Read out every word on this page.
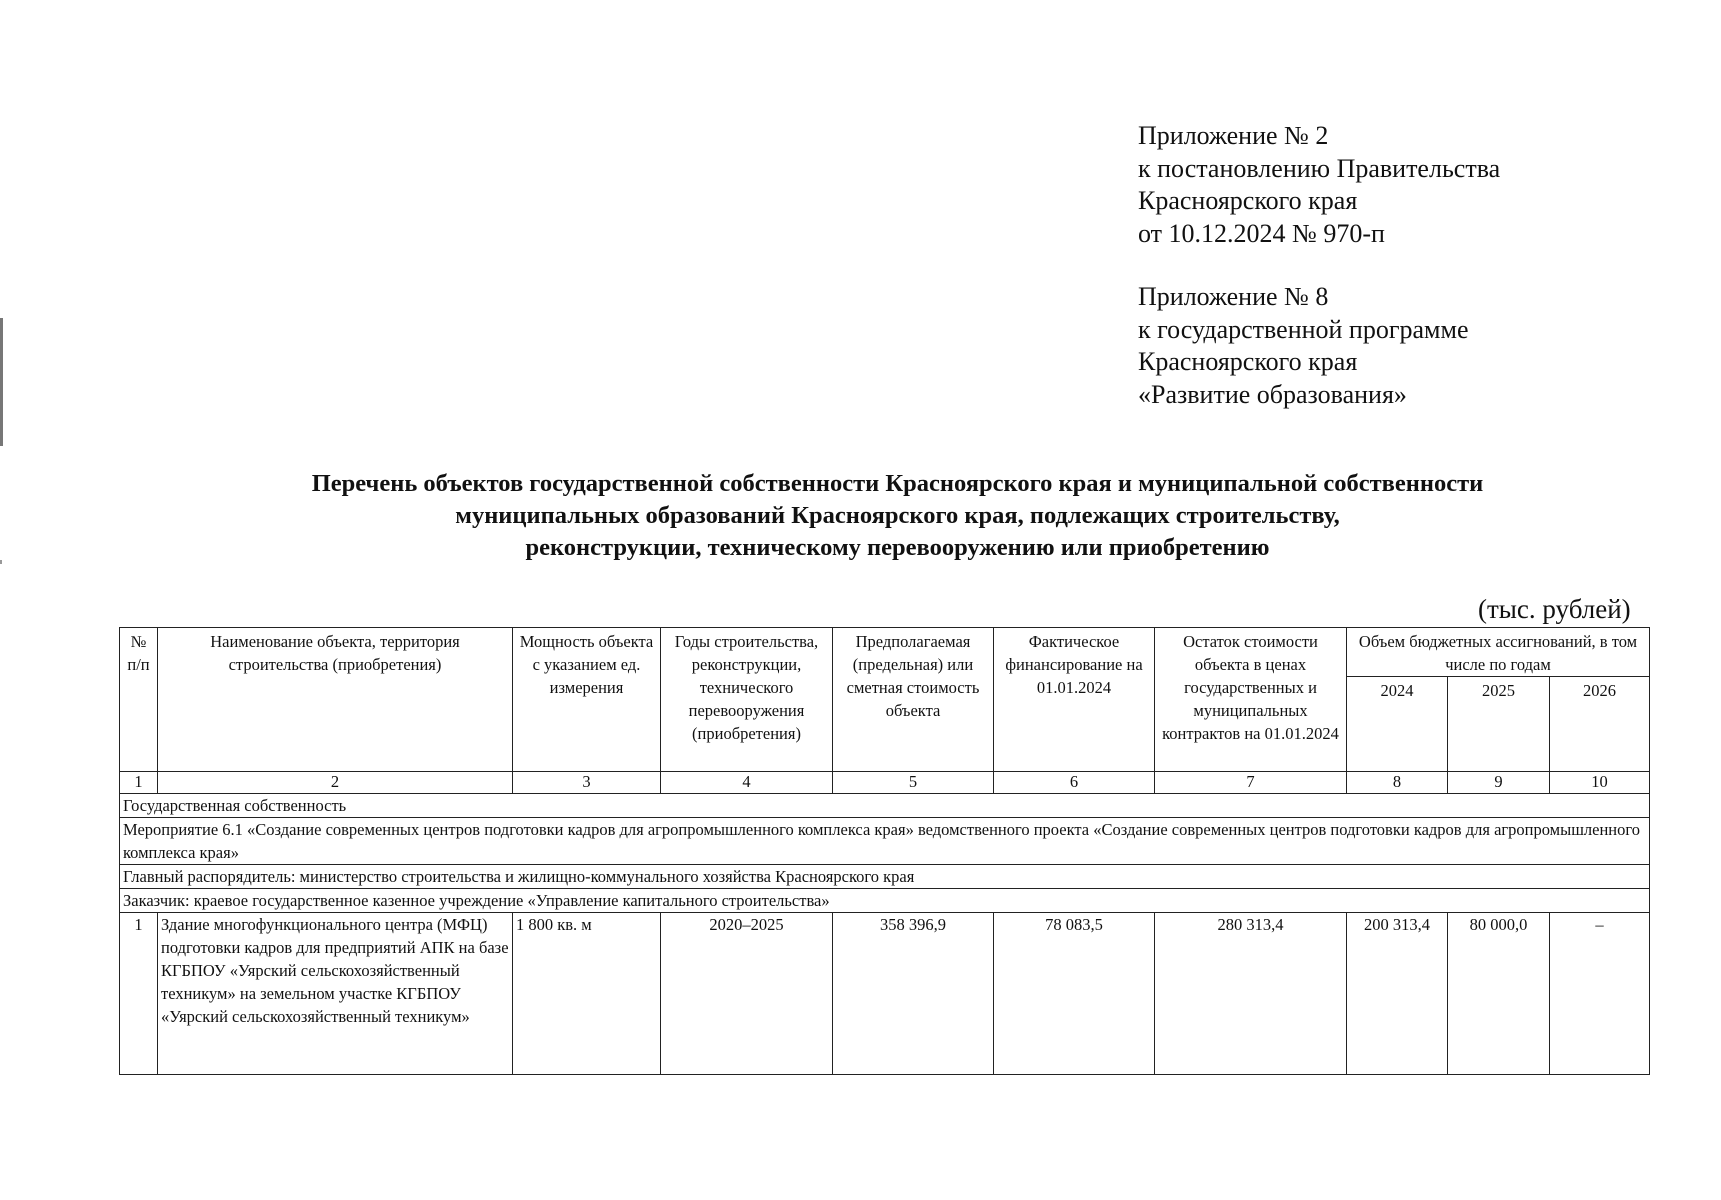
Приложение № 2
к постановлению Правительства
Красноярского края
от 10.12.2024 № 970-п
Приложение № 8
к государственной программе
Красноярского края
«Развитие образования»
Перечень объектов государственной собственности Красноярского края и муниципальной собственности
муниципальных образований Красноярского края, подлежащих строительству,
реконструкции, техническому перевооружению или приобретению
(тыс. рублей)
№ п/п	Наименование объекта, территория строительства (приобретения)	Мощность объекта с указанием ед. измерения	Годы строительства, реконструкции, технического перевооружения (приобретения)	Предполагаемая (предельная) или сметная стоимость объекта	Фактическое финансирование на 01.01.2024	Остаток стоимости объекта в ценах государственных и муниципальных контрактов на 01.01.2024	Объем бюджетных ассигнований, в том числе по годам		
							2024	2025	2026
1	2	3	4	5	6	7	8	9	10
Государственная собственность									
Мероприятие 6.1 «Создание современных центров подготовки кадров для агропромышленного комплекса края» ведомственного проекта «Создание современных центров подготовки кадров для агропромышленного комплекса края»									
Главный распорядитель: министерство строительства и жилищно-коммунального хозяйства Красноярского края									
Заказчик: краевое государственное казенное учреждение «Управление капитального строительства»									
1	Здание многофункционального центра (МФЦ) подготовки кадров для предприятий АПК на базе КГБПОУ «Уярский сельскохозяйственный техникум» на земельном участке КГБПОУ «Уярский сельскохозяйственный техникум»	1 800 кв. м	2020–2025	358 396,9	78 083,5	280 313,4	200 313,4	80 000,0	–
